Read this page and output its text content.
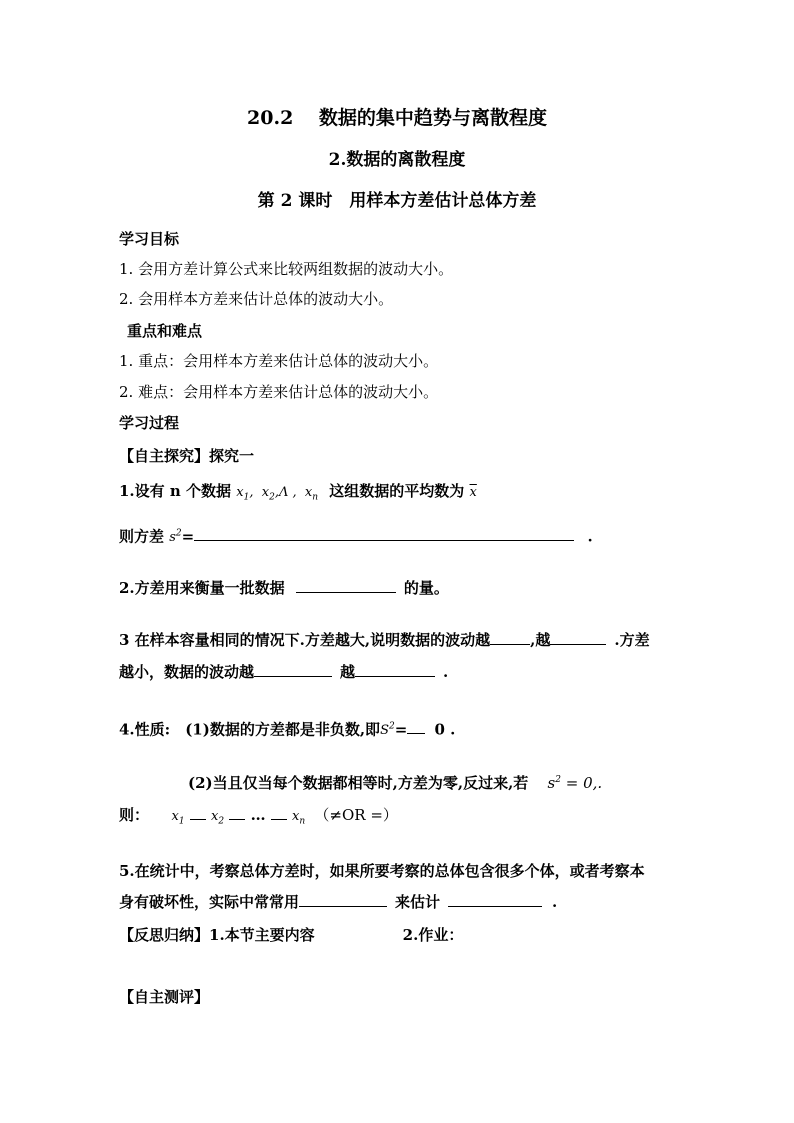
20.2　 数据的集中趋势与离散程度
2.数据的离散程度
第 2 课时　用样本方差估计总体方差
学习目标
1. 会用方差计算公式来比较两组数据的波动大小。
2. 会用样本方差来估计总体的波动大小。
重点和难点
1. 重点：会用样本方差来估计总体的波动大小。
2. 难点：会用样本方差来估计总体的波动大小。
学习过程
【自主探究】探究一
1.设有 n 个数据 $x_1$,  $x_2,\Lambda$ ,  $x_n$ 这组数据的平均数为 $\overline{x}$
则方差 $s^2=$	.
2.方差用来衡量一批数据	的量。
3 在样本容量相同的情况下.方差越大,说明数据的波动越	,越	.方差
越小，数据的波动越	越	.
4.性质:　(1)数据的方差都是非负数,即$S^2= 0$ .
(2)当且仅当每个数据都相等时,方差为零,反过来,若 $s^2 = 0$,.
则： $x_1$ $x_2$ … $x_n$ （≠OR =）
5.在统计中，考察总体方差时，如果所要考察的总体包含很多个体，或者考察本
身有破坏性，实际中常常用	来估计	.
【反思归纳】1.本节主要内容	2.作业：
【自主测评】
